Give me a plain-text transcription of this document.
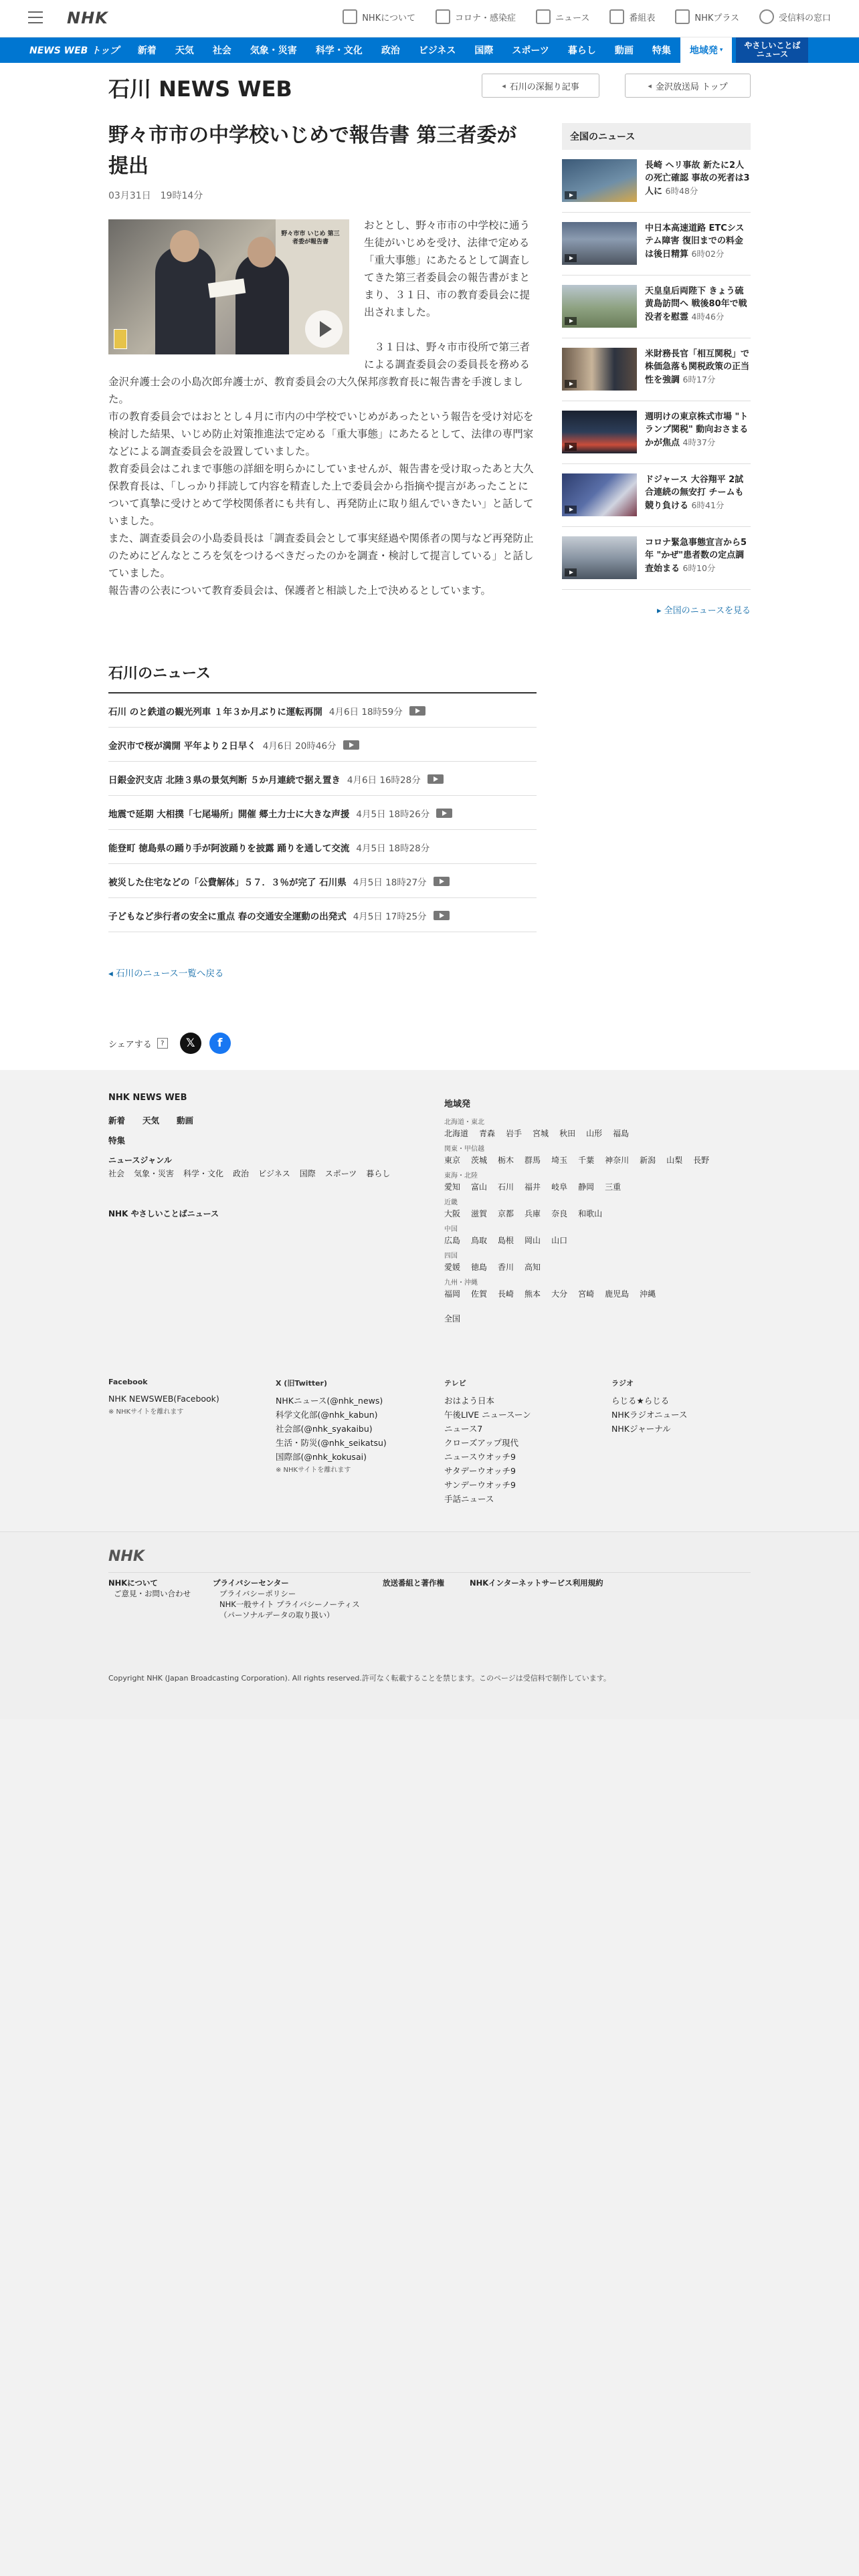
NHK	NHKについて	コロナ・感染症	ニュース	番組表	NHKプラス	受信料の窓口
NEWS WEB トップ	新着	天気	社会	気象・災害	科学・文化	政治	ビジネス	国際	スポーツ	暮らし	動画	特集	地域発 ▾	やさしいことば
ニュース
石川 NEWS WEB	◂ 石川の深掘り記事	◂ 金沢放送局 トップ
野々市市の中学校いじめで報告書 第三者委が提出
03月31日　19時14分
野々市市 いじめ 第三者委が報告書

おととし、野々市市の中学校に通う生徒がいじめを受け、法律で定める「重大事態」にあたるとして調査してきた第三者委員会の報告書がまとまり、３１日、市の教育委員会に提出されました。

３１日は、野々市市役所で第三者による調査委員会の委員長を務める金沢弁護士会の小島次郎弁護士が、教育委員会の大久保邦彦教育長に報告書を手渡しました。

市の教育委員会ではおととし４月に市内の中学校でいじめがあったという報告を受け対応を検討した結果、いじめ防止対策推進法で定める「重大事態」にあたるとして、法律の専門家などによる調査委員会を設置していました。

教育委員会はこれまで事態の詳細を明らかにしていませんが、報告書を受け取ったあと大久保教育長は、「しっかり拝読して内容を精査した上で委員会から指摘や提言があったことについて真摯に受けとめて学校関係者にも共有し、再発防止に取り組んでいきたい」と話していました。

また、調査委員会の小島委員長は「調査委員会として事実経過や関係者の関与など再発防止のためにどんなところを気をつけるべきだったのかを調査・検討して提言している」と話していました。

報告書の公表について教育委員会は、保護者と相談した上で決めるとしています。

石川のニュース
石川 のと鉄道の観光列車 １年３か月ぶりに運転再開 4月6日 18時59分
金沢市で桜が満開 平年より２日早く 4月6日 20時46分
日銀金沢支店 北陸３県の景気判断 ５か月連続で据え置き 4月6日 16時28分
地震で延期 大相撲「七尾場所」開催 郷土力士に大きな声援 4月5日 18時26分
能登町 徳島県の踊り手が阿波踊りを披露 踊りを通して交流 4月5日 18時28分
被災した住宅などの「公費解体」５７．３％が完了 石川県 4月5日 18時27分
子どもなど歩行者の安全に重点 春の交通安全運動の出発式 4月5日 17時25分
◂ 石川のニュース一覧へ戻る
シェアする	?	𝕏	f
全国のニュース
長崎 ヘリ事故 新たに2人の死亡確認 事故の死者は3人に 6時48分
中日本高速道路 ETCシステム障害 復旧までの料金は後日精算 6時02分
天皇皇后両陛下 きょう硫黄島訪問へ 戦後80年で戦没者を慰霊 4時46分
米財務長官「相互関税」で株価急落も関税政策の正当性を強調 6時17分
週明けの東京株式市場 "トランプ関税" 動向おさまるかが焦点 4時37分
ドジャース 大谷翔平 2試合連続の無安打 チームも競り負ける 6時41分
コロナ緊急事態宣言から5年 "かぜ"患者数の定点調査始まる 6時10分
▸ 全国のニュースを見る
NHK NEWS WEB
新着 天気 動画
特集
ニュースジャンル
社会 気象・災害 科学・文化 政治 ビジネス 国際 スポーツ 暮らし
NHK やさしいことばニュース
地域発
北海道・東北
北海道 青森 岩手 宮城 秋田 山形 福島
関東・甲信越
東京 茨城 栃木 群馬 埼玉 千葉 神奈川 新潟 山梨 長野
東海・北陸
愛知 富山 石川 福井 岐阜 静岡 三重
近畿
大阪 滋賀 京都 兵庫 奈良 和歌山
中国
広島 鳥取 島根 岡山 山口
四国
愛媛 徳島 香川 高知
九州・沖縄
福岡 佐賀 長崎 熊本 大分 宮崎 鹿児島 沖縄
全国
Facebook
NHK NEWSWEB(Facebook)
※ NHKサイトを離れます
X (旧Twitter)
NHKニュース(@nhk_news)
科学文化部(@nhk_kabun)
社会部(@nhk_syakaibu)
生活・防災(@nhk_seikatsu)
国際部(@nhk_kokusai)
※ NHKサイトを離れます
テレビ
おはよう日本
午後LIVE ニュースーン
ニュース7
クローズアップ現代
ニュースウオッチ9
サタデーウオッチ9
サンデーウオッチ9
手話ニュース
ラジオ
らじる★らじる
NHKラジオニュース
NHKジャーナル
NHK
NHKについて
ご意見・お問い合わせ
プライバシーセンター
プライバシーポリシー
NHK一般サイト プライバシーノーティス
（パーソナルデータの取り扱い）
放送番組と著作権	NHKインターネットサービス利用規約
Copyright NHK (Japan Broadcasting Corporation). All rights reserved.許可なく転載することを禁じます。このページは受信料で制作しています。
